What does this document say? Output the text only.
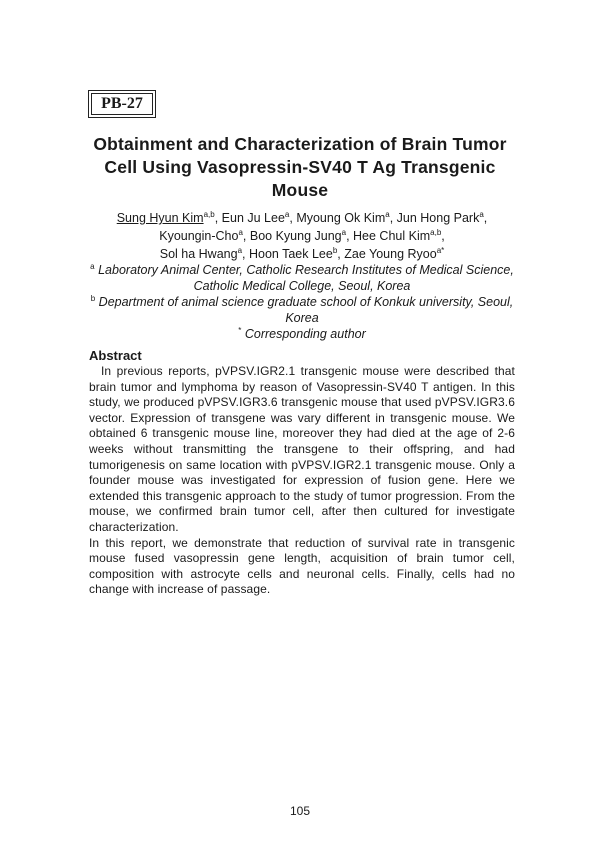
PB-27
Obtainment and Characterization of Brain Tumor Cell Using Vasopressin-SV40 T Ag Transgenic Mouse
Sung Hyun Kim$^{a,b}$, Eun Ju Lee$^a$, Myoung Ok Kim$^a$, Jun Hong Park$^a$,
Kyoungin-Cho$^a$, Boo Kyung Jung$^a$, Hee Chul Kim$^{a,b}$,
Sol ha Hwang$^a$, Hoon Taek Lee$^b$, Zae Young Ryoo$^{a*}$
$^a$ Laboratory Animal Center, Catholic Research Institutes of Medical Science, Catholic Medical College, Seoul, Korea
$^b$ Department of animal science graduate school of Konkuk university, Seoul, Korea
* Corresponding author
Abstract

In previous reports, pVPSV.IGR2.1 transgenic mouse were described that brain tumor and lymphoma by reason of Vasopressin-SV40 T antigen. In this study, we produced pVPSV.IGR3.6 transgenic mouse that used pVPSV.IGR3.6 vector. Expression of transgene was vary different in transgenic mouse. We obtained 6 transgenic mouse line, moreover they had died at the age of 2-6 weeks without transmitting the transgene to their offspring, and had tumorigenesis on same location with pVPSV.IGR2.1 transgenic mouse. Only a founder mouse was investigated for expression of fusion gene. Here we extended this transgenic approach to the study of tumor progression. From the mouse, we confirmed brain tumor cell, after then cultured for investigate characterization.

In this report, we demonstrate that reduction of survival rate in transgenic mouse fused vasopressin gene length, acquisition of brain tumor cell, composition with astrocyte cells and neuronal cells. Finally, cells had no change with increase of passage.

105
